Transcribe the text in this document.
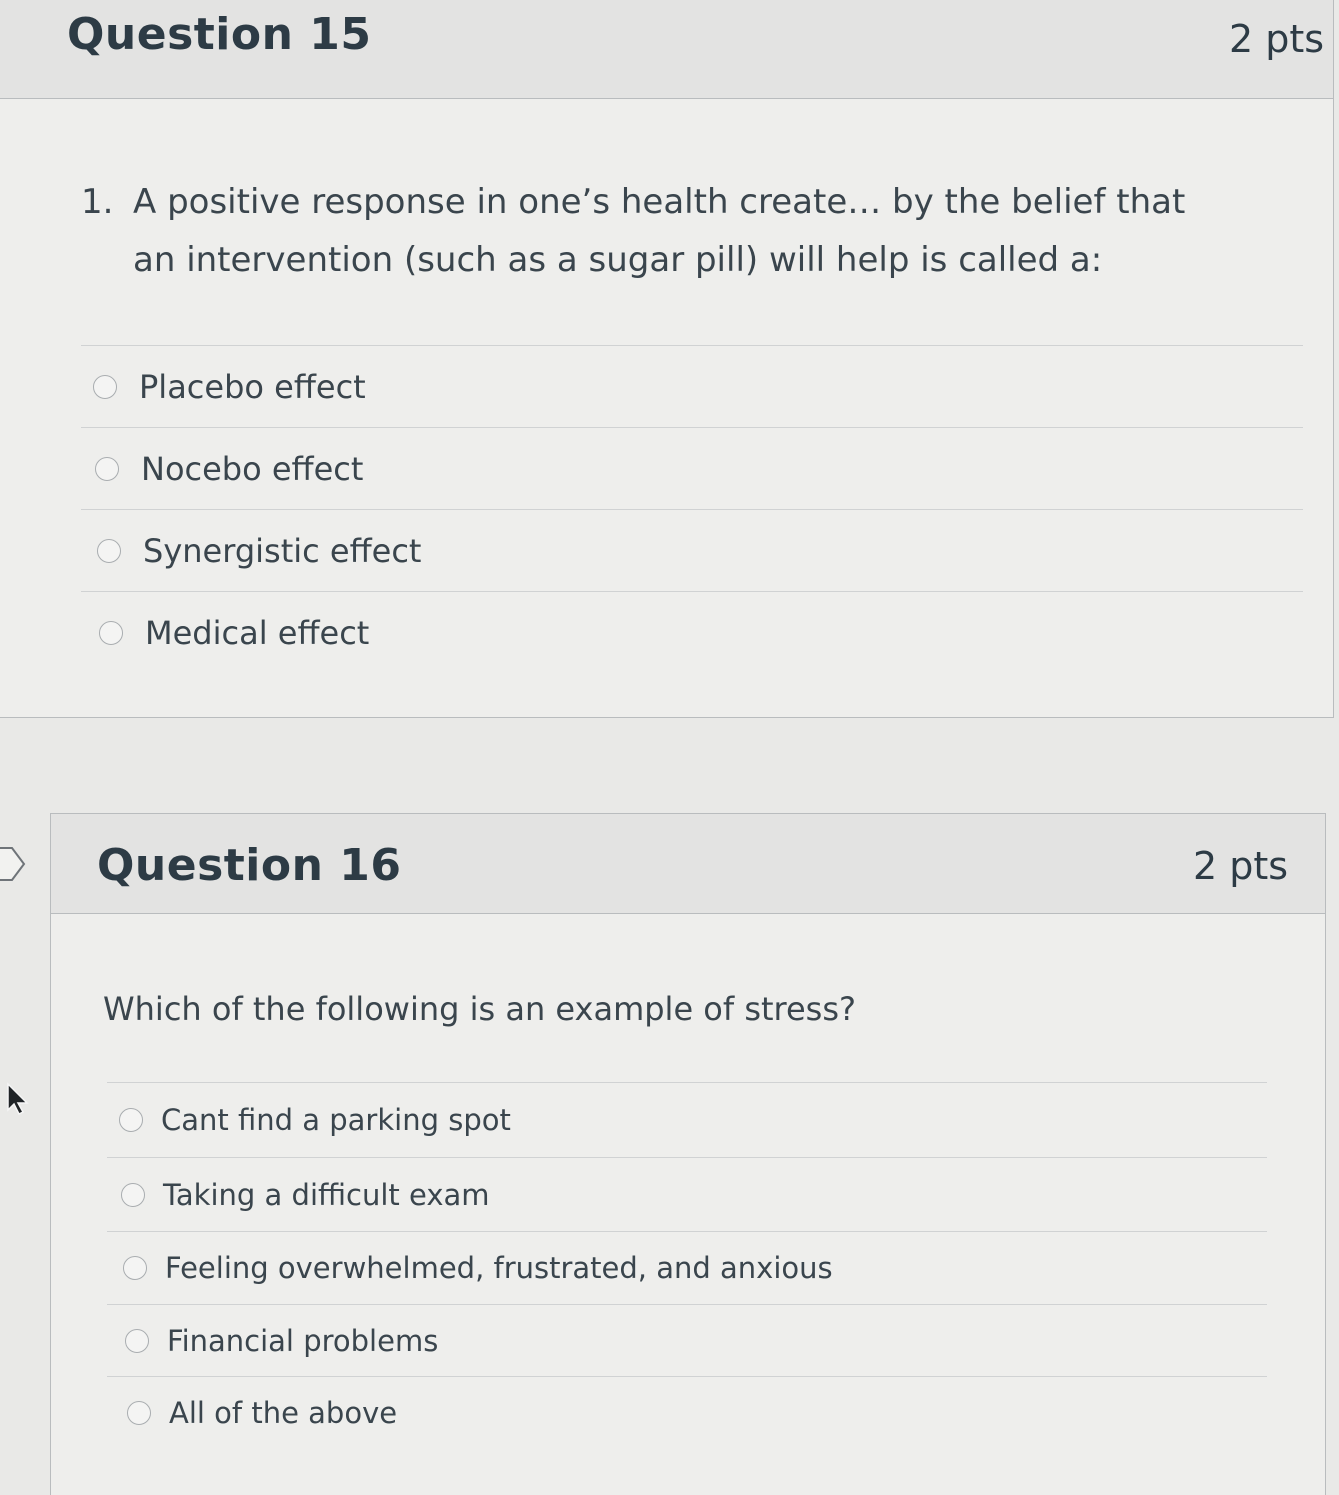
Question 15	2 pts
1. A positive response in one’s health create… by the belief that an intervention (such as a sugar pill) will help is called a:
Placebo effect
Nocebo effect
Synergistic effect
Medical effect
Question 16	2 pts
Which of the following is an example of stress?
Cant find a parking spot
Taking a difficult exam
Feeling overwhelmed, frustrated, and anxious
Financial problems
All of the above
